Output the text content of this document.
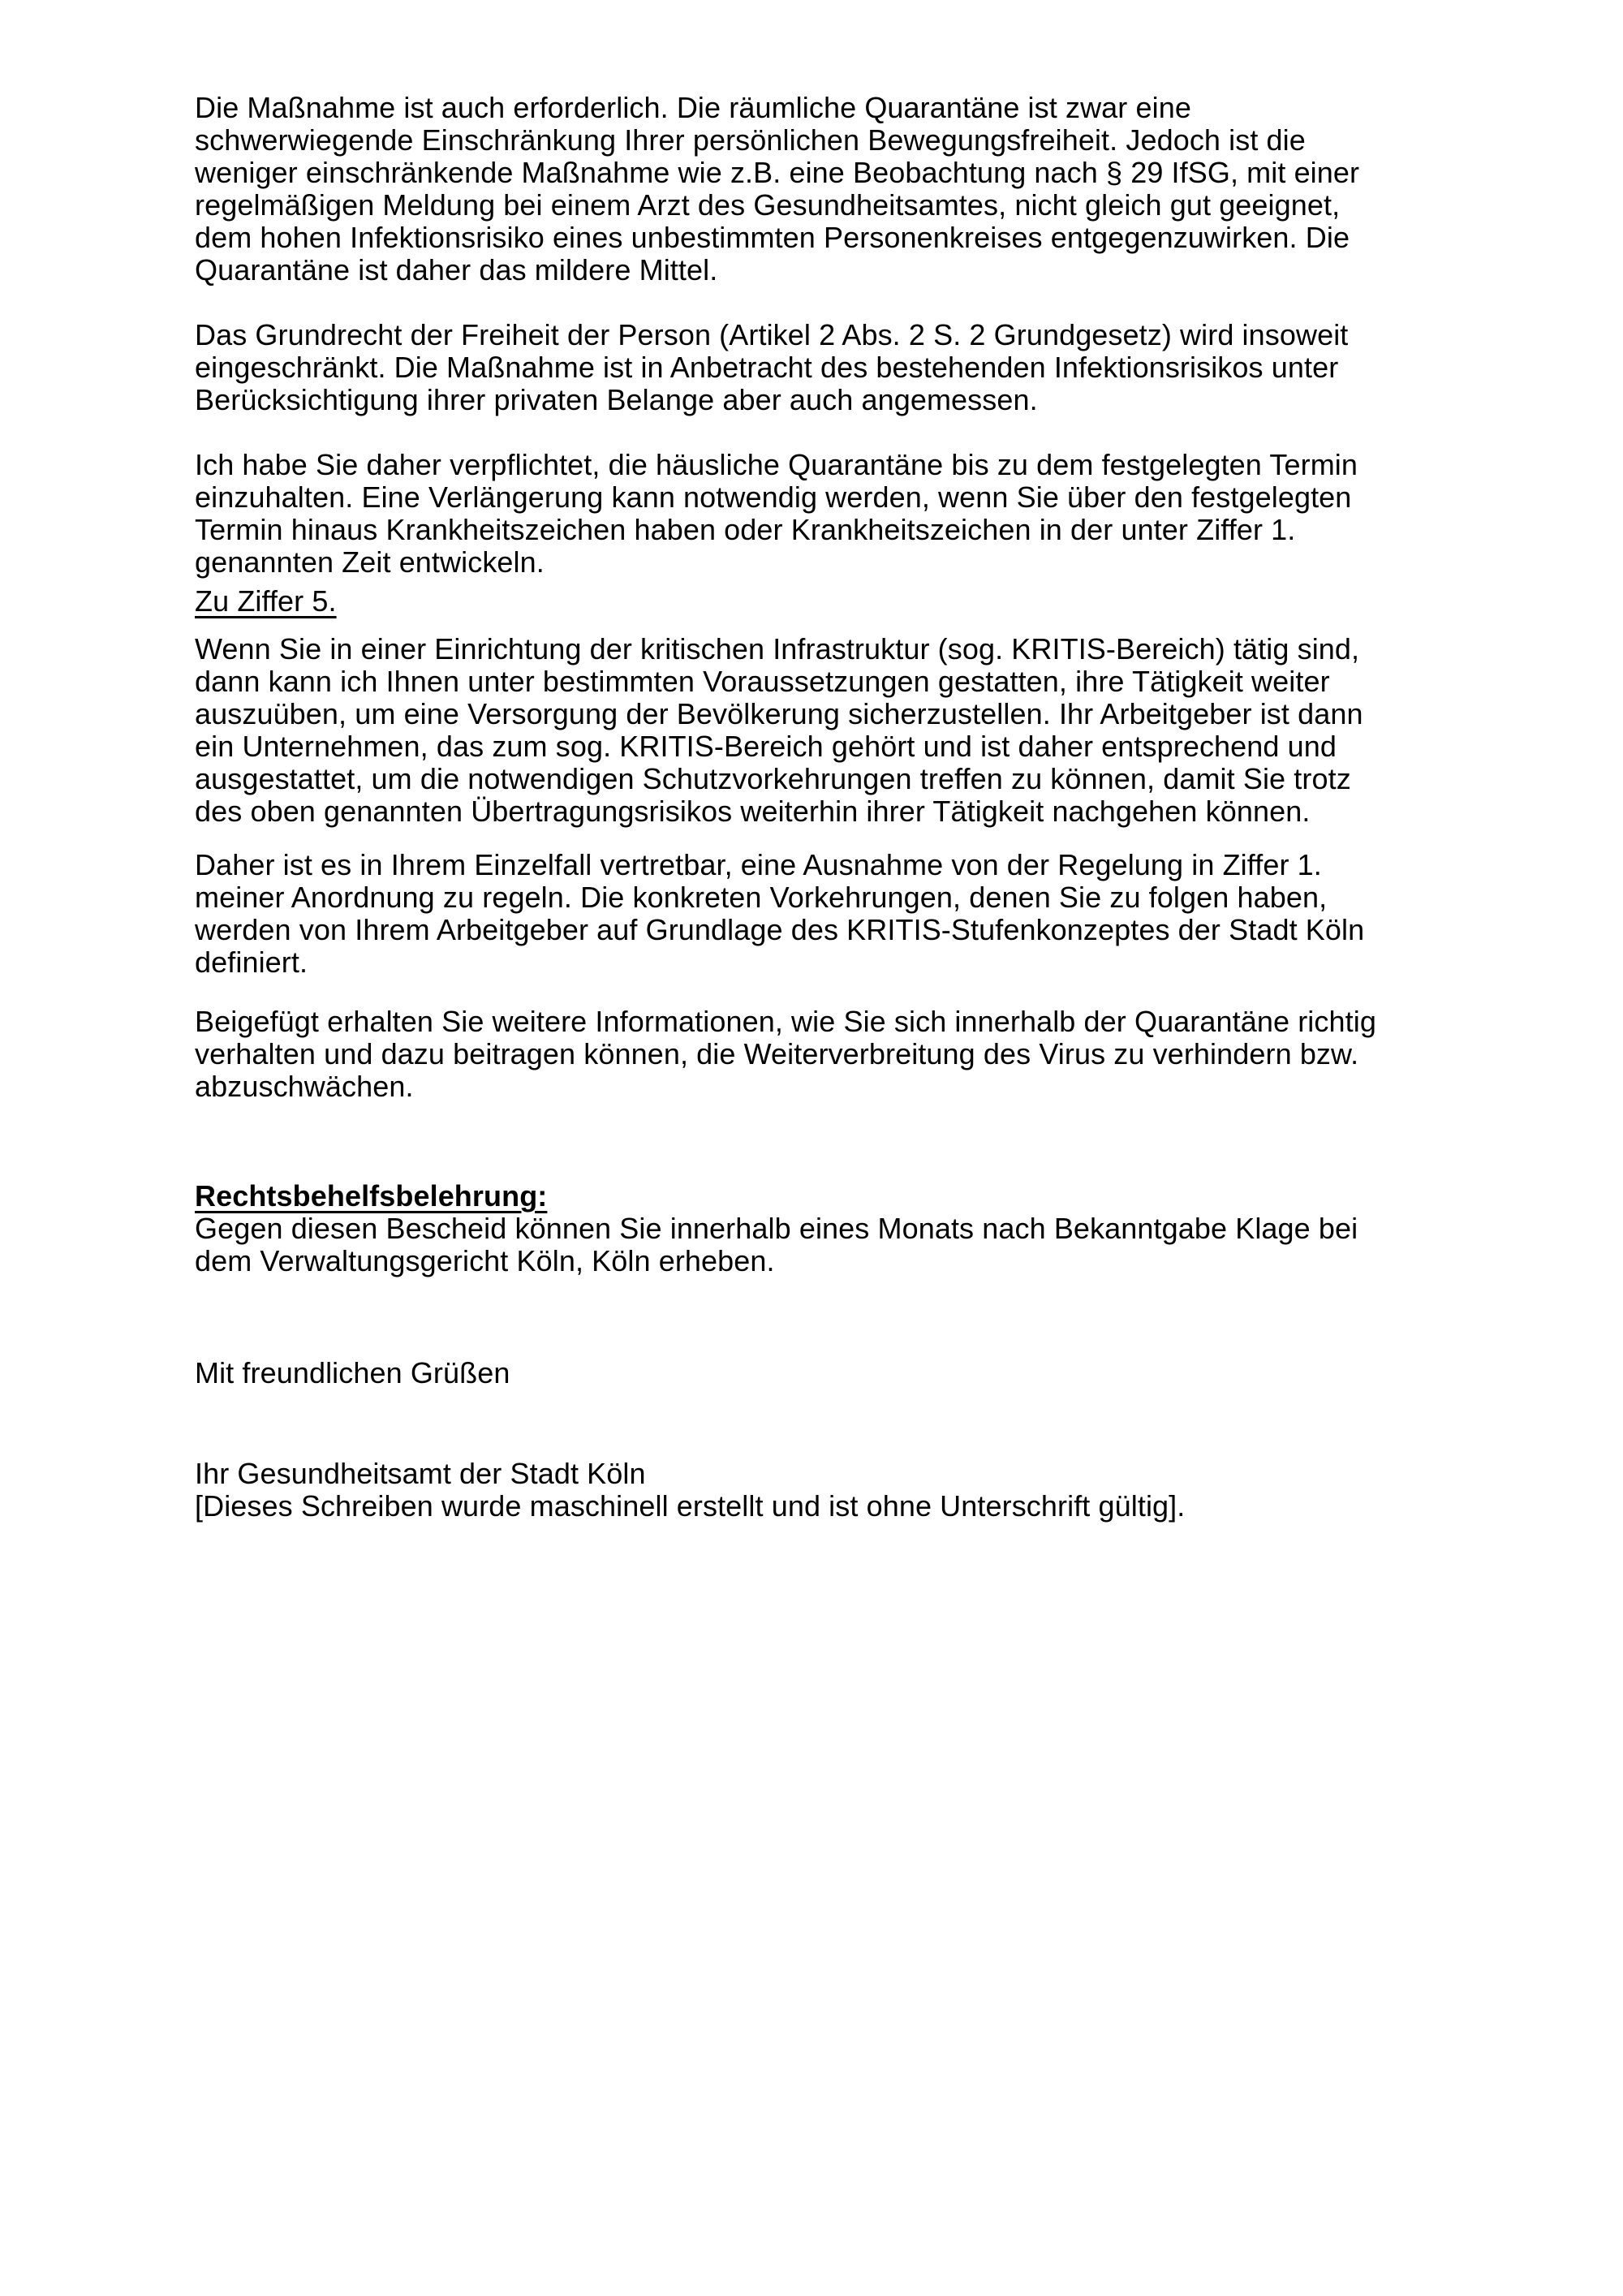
Die Maßnahme ist auch erforderlich. Die räumliche Quarantäne ist zwar eine
schwerwiegende Einschränkung Ihrer persönlichen Bewegungsfreiheit. Jedoch ist die
weniger einschränkende Maßnahme wie z.B. eine Beobachtung nach § 29 IfSG, mit einer
regelmäßigen Meldung bei einem Arzt des Gesundheitsamtes, nicht gleich gut geeignet,
dem hohen Infektionsrisiko eines unbestimmten Personenkreises entgegenzuwirken. Die
Quarantäne ist daher das mildere Mittel.
Das Grundrecht der Freiheit der Person (Artikel 2 Abs. 2 S. 2 Grundgesetz) wird insoweit
eingeschränkt. Die Maßnahme ist in Anbetracht des bestehenden Infektionsrisikos unter
Berücksichtigung ihrer privaten Belange aber auch angemessen.
Ich habe Sie daher verpflichtet, die häusliche Quarantäne bis zu dem festgelegten Termin
einzuhalten. Eine Verlängerung kann notwendig werden, wenn Sie über den festgelegten
Termin hinaus Krankheitszeichen haben oder Krankheitszeichen in der unter Ziffer 1.
genannten Zeit entwickeln.
Zu Ziffer 5.
Wenn Sie in einer Einrichtung der kritischen Infrastruktur (sog. KRITIS-Bereich) tätig sind,
dann kann ich Ihnen unter bestimmten Voraussetzungen gestatten, ihre Tätigkeit weiter
auszuüben, um eine Versorgung der Bevölkerung sicherzustellen. Ihr Arbeitgeber ist dann
ein Unternehmen, das zum sog. KRITIS-Bereich gehört und ist daher entsprechend und
ausgestattet, um die notwendigen Schutzvorkehrungen treffen zu können, damit Sie trotz
des oben genannten Übertragungsrisikos weiterhin ihrer Tätigkeit nachgehen können.
Daher ist es in Ihrem Einzelfall vertretbar, eine Ausnahme von der Regelung in Ziffer 1.
meiner Anordnung zu regeln. Die konkreten Vorkehrungen, denen Sie zu folgen haben,
werden von Ihrem Arbeitgeber auf Grundlage des KRITIS-Stufenkonzeptes der Stadt Köln
definiert.
Beigefügt erhalten Sie weitere Informationen, wie Sie sich innerhalb der Quarantäne richtig
verhalten und dazu beitragen können, die Weiterverbreitung des Virus zu verhindern bzw.
abzuschwächen.
Rechtsbehelfsbelehrung:
Gegen diesen Bescheid können Sie innerhalb eines Monats nach Bekanntgabe Klage bei
dem Verwaltungsgericht Köln, Köln erheben.
Mit freundlichen Grüßen
Ihr Gesundheitsamt der Stadt Köln
[Dieses Schreiben wurde maschinell erstellt und ist ohne Unterschrift gültig].
